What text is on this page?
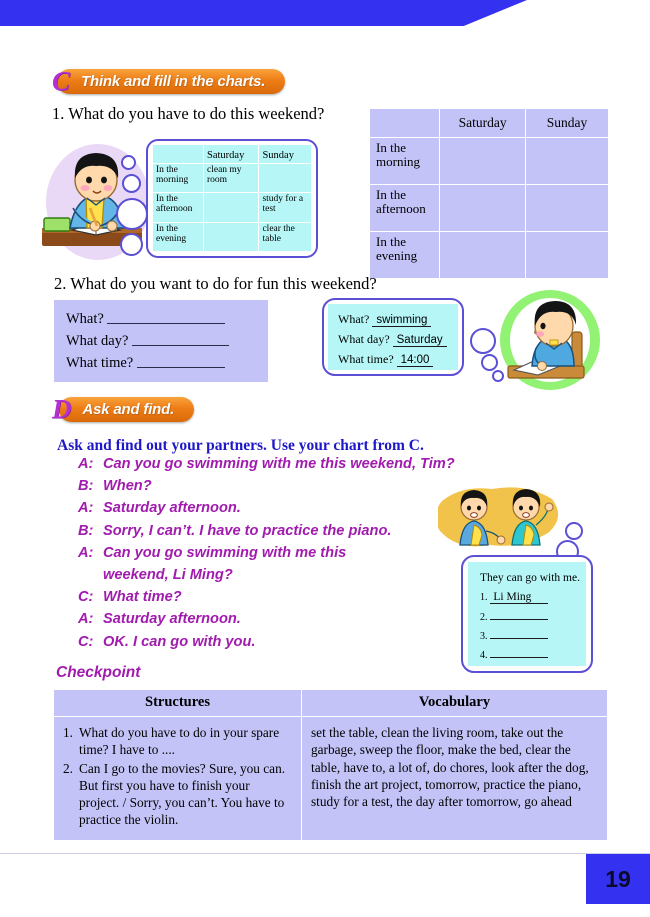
C Think and fill in the charts.
1. What do you have to do this weekend?
	Saturday	Sunday
In the morning	clean my room	
In the afternoon		study for a test
In the evening		clear the table
	Saturday	Sunday
In the morning		
In the afternoon		
In the evening		
2. What do you want to do for fun this weekend?
What?
What day?
What time?
What? swimming
What day? Saturday
What time? 14:00
D Ask and find.
Ask and find out your partners. Use your chart from C.
A: Can you go swimming with me this weekend, Tim?
B: When?
A: Saturday afternoon.
B: Sorry, I can’t. I have to practice the piano.
A: Can you go swimming with me this
weekend, Li Ming?
C: What time?
A: Saturday afternoon.
C: OK. I can go with you.
They can go with me.
1. Li Ming
2.
3.
4.
Checkpoint
Structures	Vocabulary

1. What do you have to do in your spare time? I have to ....
2. Can I go to the movies? Sure, you can. But first you have to finish your project. / Sorry, you can’t. You have to practice the violin.
	set the table, clean the living room, take out the garbage, sweep the floor, make the bed, clear the table, have to, a lot of, do chores, look after the dog, finish the art project, tomorrow, practice the piano, study for a test, the day after tomorrow, go ahead
19
